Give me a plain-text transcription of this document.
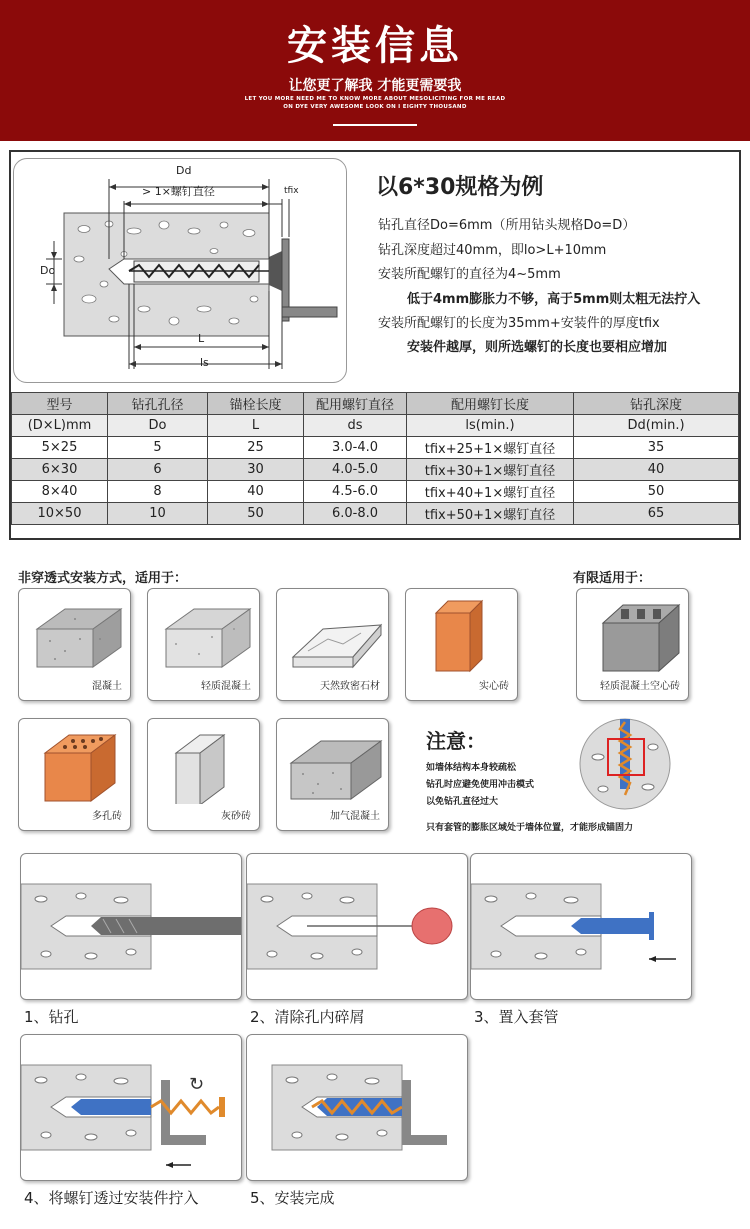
安装信息
让您更了解我 才能更需要我
LET YOU MORE NEED ME TO KNOW MORE ABOUT MESOLICITING FOR ME READ
ON DYE VERY AWESOME LOOK ON I EIGHTY THOUSAND
Dd
> 1×螺钉直径	tfix
Do
L
ls
以6*30规格为例
钻孔直径Do=6mm（所用钻头规格Do=D）
钻孔深度超过40mm，即lo>L+10mm
安装所配螺钉的直径为4~5mm
低于4mm膨胀力不够，高于5mm则太粗无法拧入
安装所配螺钉的长度为35mm+安装件的厚度tfix
安装件越厚，则所选螺钉的长度也要相应增加
型号	钻孔孔径	锚栓长度	配用螺钉直径	配用螺钉长度	钻孔深度
(D×L)mm	Do	L	ds	ls(min.)	Dd(min.)
5×25	5	25	3.0-4.0	tfix+25+1×螺钉直径	35
6×30	6	30	4.0-5.0	tfix+30+1×螺钉直径	40
8×40	8	40	4.5-6.0	tfix+40+1×螺钉直径	50
10×50	10	50	6.0-8.0	tfix+50+1×螺钉直径	65
非穿透式安装方式，适用于：	有限适用于：
混凝土	轻质混凝土	天然致密石材	实心砖	轻质混凝土空心砖
多孔砖	灰砂砖	加气混凝土
注意：
如墙体结构本身较疏松
钻孔时应避免使用冲击模式
以免钻孔直径过大
只有套管的膨胀区域处于墙体位置，才能形成锚固力
1、钻孔	2、清除孔内碎屑	3、置入套管
↻
4、将螺钉透过安装件拧入	5、安装完成
